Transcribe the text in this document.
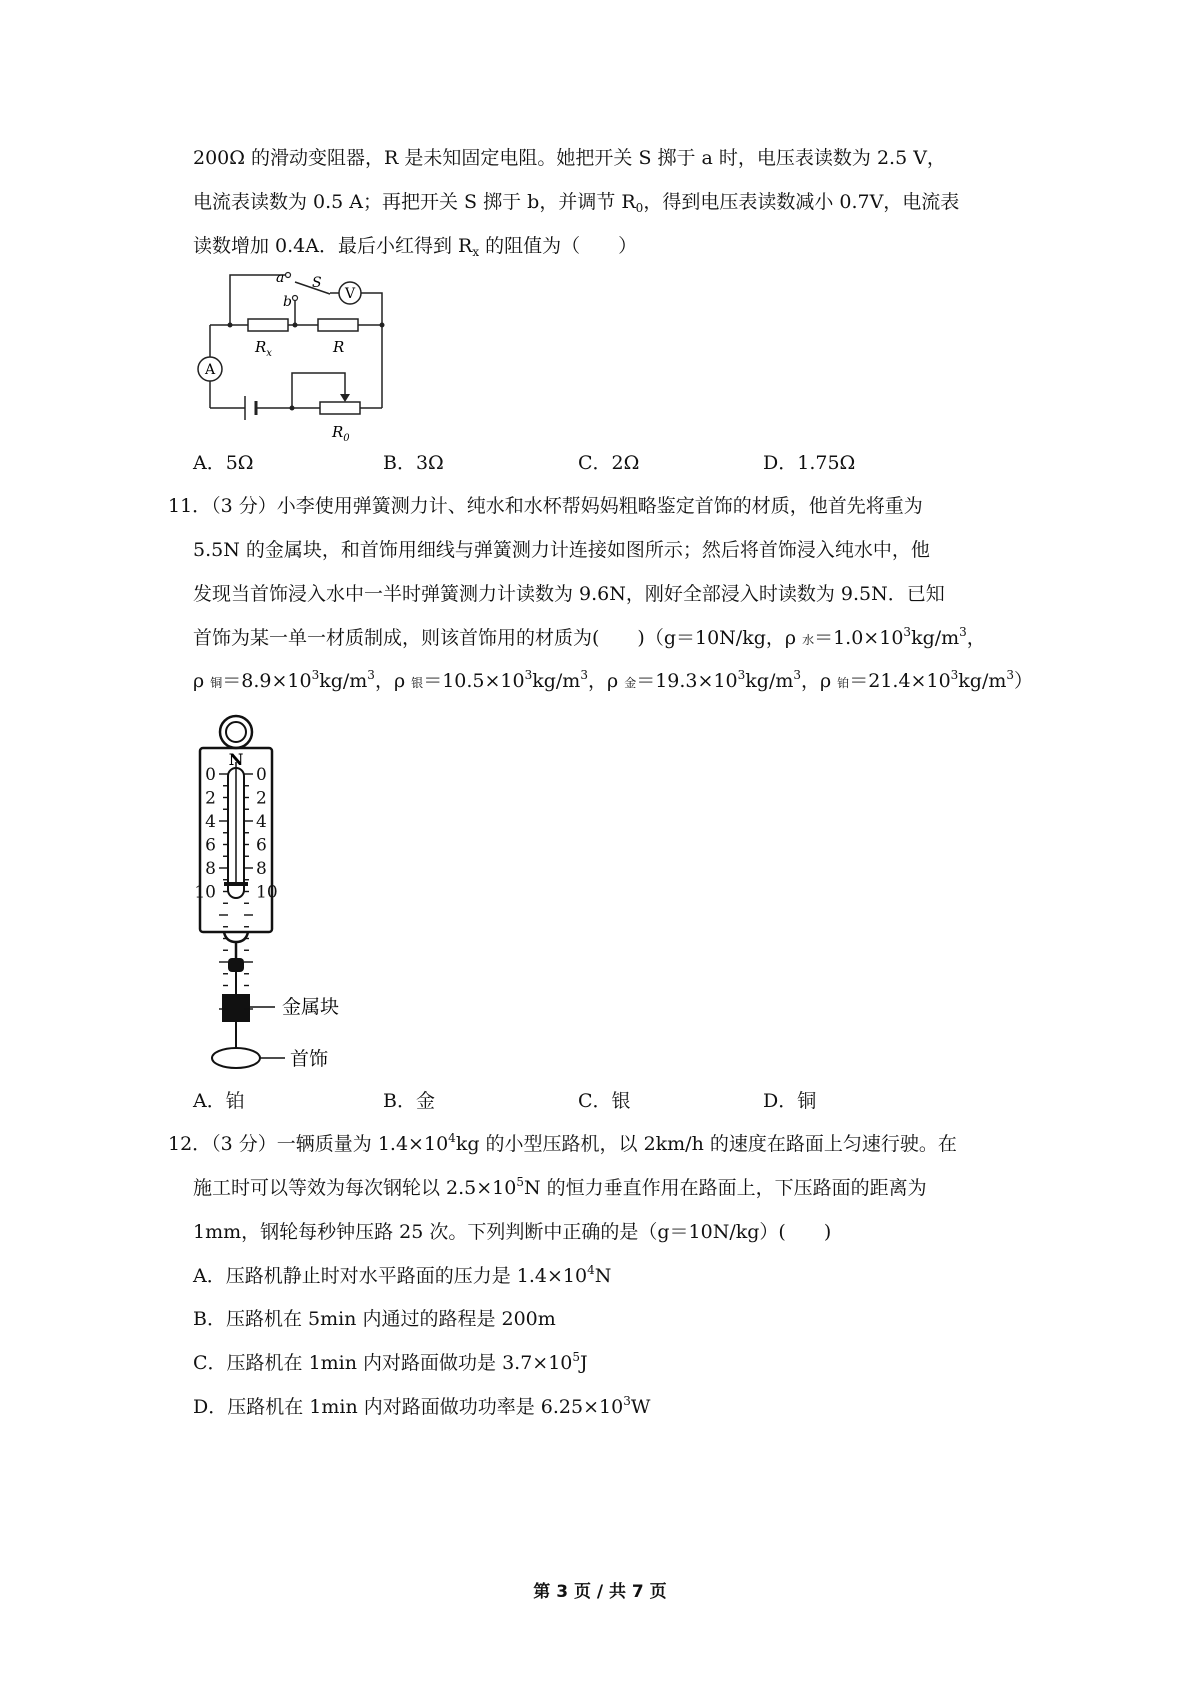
200Ω 的滑动变阻器，R 是未知固定电阻。她把开关 S 掷于 a 时，电压表读数为 2.5 V，
电流表读数为 0.5 A；再把开关 S 掷于 b，并调节 $R_0$，得到电压表读数减小 0.7V，电流表
读数增加 0.4A．最后小红得到 $R_x$ 的阻值为（　　）
V
A
a
b
S
$R_x$	R
$R_0$
A．5Ω	B．3Ω	C．2Ω	D．1.75Ω
11．（3 分）小李使用弹簧测力计、纯水和水杯帮妈妈粗略鉴定首饰的材质，他首先将重为
5.5N 的金属块，和首饰用细线与弹簧测力计连接如图所示；然后将首饰浸入纯水中，他
发现当首饰浸入水中一半时弹簧测力计读数为 9.6N，刚好全部浸入时读数为 9.5N．已知
首饰为某一单一材质制成，则该首饰用的材质为(　　)（g＝10N/kg，ρ 水$=1.0\times 10^3kg/m^3$，
ρ 铜$=8.9\times 10^3kg/m^3$，ρ 银$=10.5\times 10^3kg/m^3$，ρ 金$=19.3\times 10^3kg/m^3$，ρ 铂$=21.4\times 10^3kg/m^3$）
N
0 0
2 2
4 4
6 6
8 8
10 10
金属块
首饰
A．铂	B．金	C．银	D．铜
12．（3 分）一辆质量为 $1.4\times 10^4kg$ 的小型压路机，以 2km/h 的速度在路面上匀速行驶。在
施工时可以等效为每次钢轮以 $2.5\times 10^5N$ 的恒力垂直作用在路面上，下压路面的距离为
1mm，钢轮每秒钟压路 25 次。下列判断中正确的是（g＝10N/kg）(　　)
A．压路机静止时对水平路面的压力是 $1.4\times 10^4N$
B．压路机在 5min 内通过的路程是 200m
C．压路机在 1min 内对路面做功是 $3.7\times 10^5J$
D．压路机在 1min 内对路面做功功率是 $6.25\times 10^3W$
第 3 页 / 共 7 页
